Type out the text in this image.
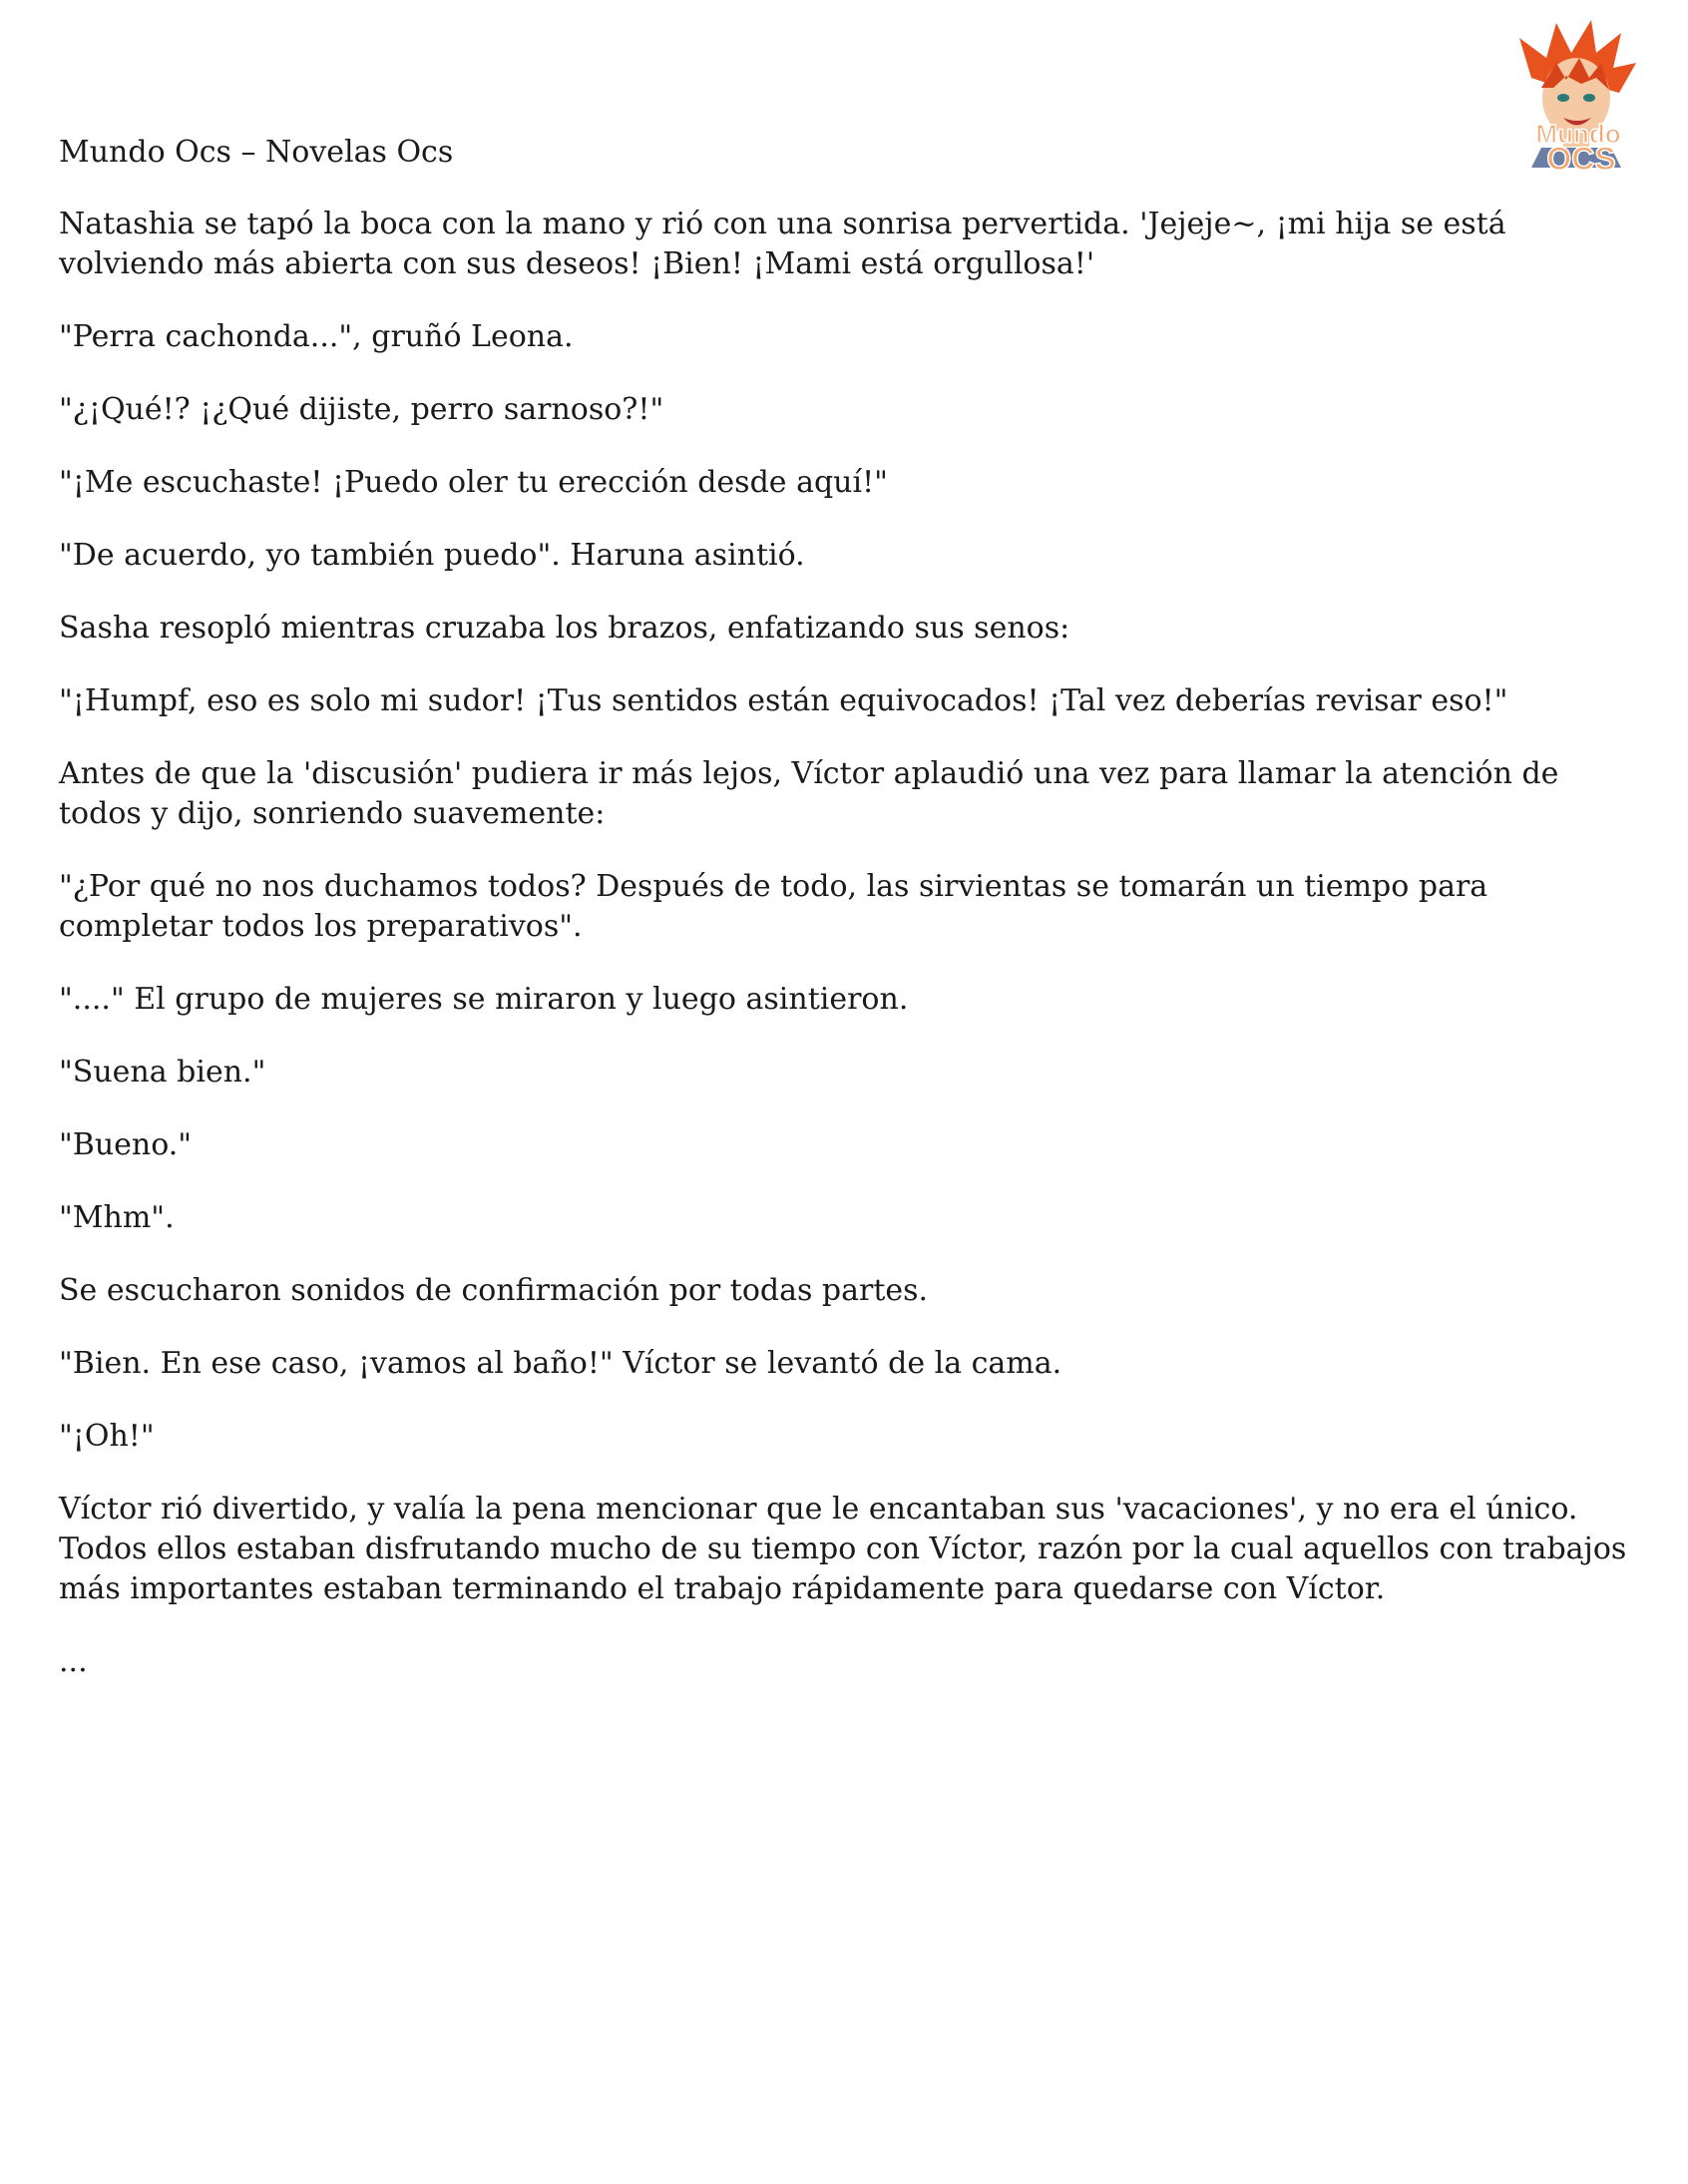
Mundo
OCS
Mundo Ocs – Novelas Ocs

Natashia se tapó la boca con la mano y rió con una sonrisa pervertida. 'Jejeje~, ¡mi hija se está volviendo más abierta con sus deseos! ¡Bien! ¡Mami está orgullosa!'

"Perra cachonda...", gruñó Leona.

"¿¡Qué!? ¡¿Qué dijiste, perro sarnoso?!"

"¡Me escuchaste! ¡Puedo oler tu erección desde aquí!"

"De acuerdo, yo también puedo". Haruna asintió.

Sasha resopló mientras cruzaba los brazos, enfatizando sus senos:

"¡Humpf, eso es solo mi sudor! ¡Tus sentidos están equivocados! ¡Tal vez deberías revisar eso!"

Antes de que la 'discusión' pudiera ir más lejos, Víctor aplaudió una vez para llamar la atención de todos y dijo, sonriendo suavemente:

"¿Por qué no nos duchamos todos? Después de todo, las sirvientas se tomarán un tiempo para completar todos los preparativos".

"...." El grupo de mujeres se miraron y luego asintieron.

"Suena bien."

"Bueno."

"Mhm".

Se escucharon sonidos de confirmación por todas partes.

"Bien. En ese caso, ¡vamos al baño!" Víctor se levantó de la cama.

"¡Oh!"

Víctor rió divertido, y valía la pena mencionar que le encantaban sus 'vacaciones', y no era el único. Todos ellos estaban disfrutando mucho de su tiempo con Víctor, razón por la cual aquellos con trabajos más importantes estaban terminando el trabajo rápidamente para quedarse con Víctor.

...
